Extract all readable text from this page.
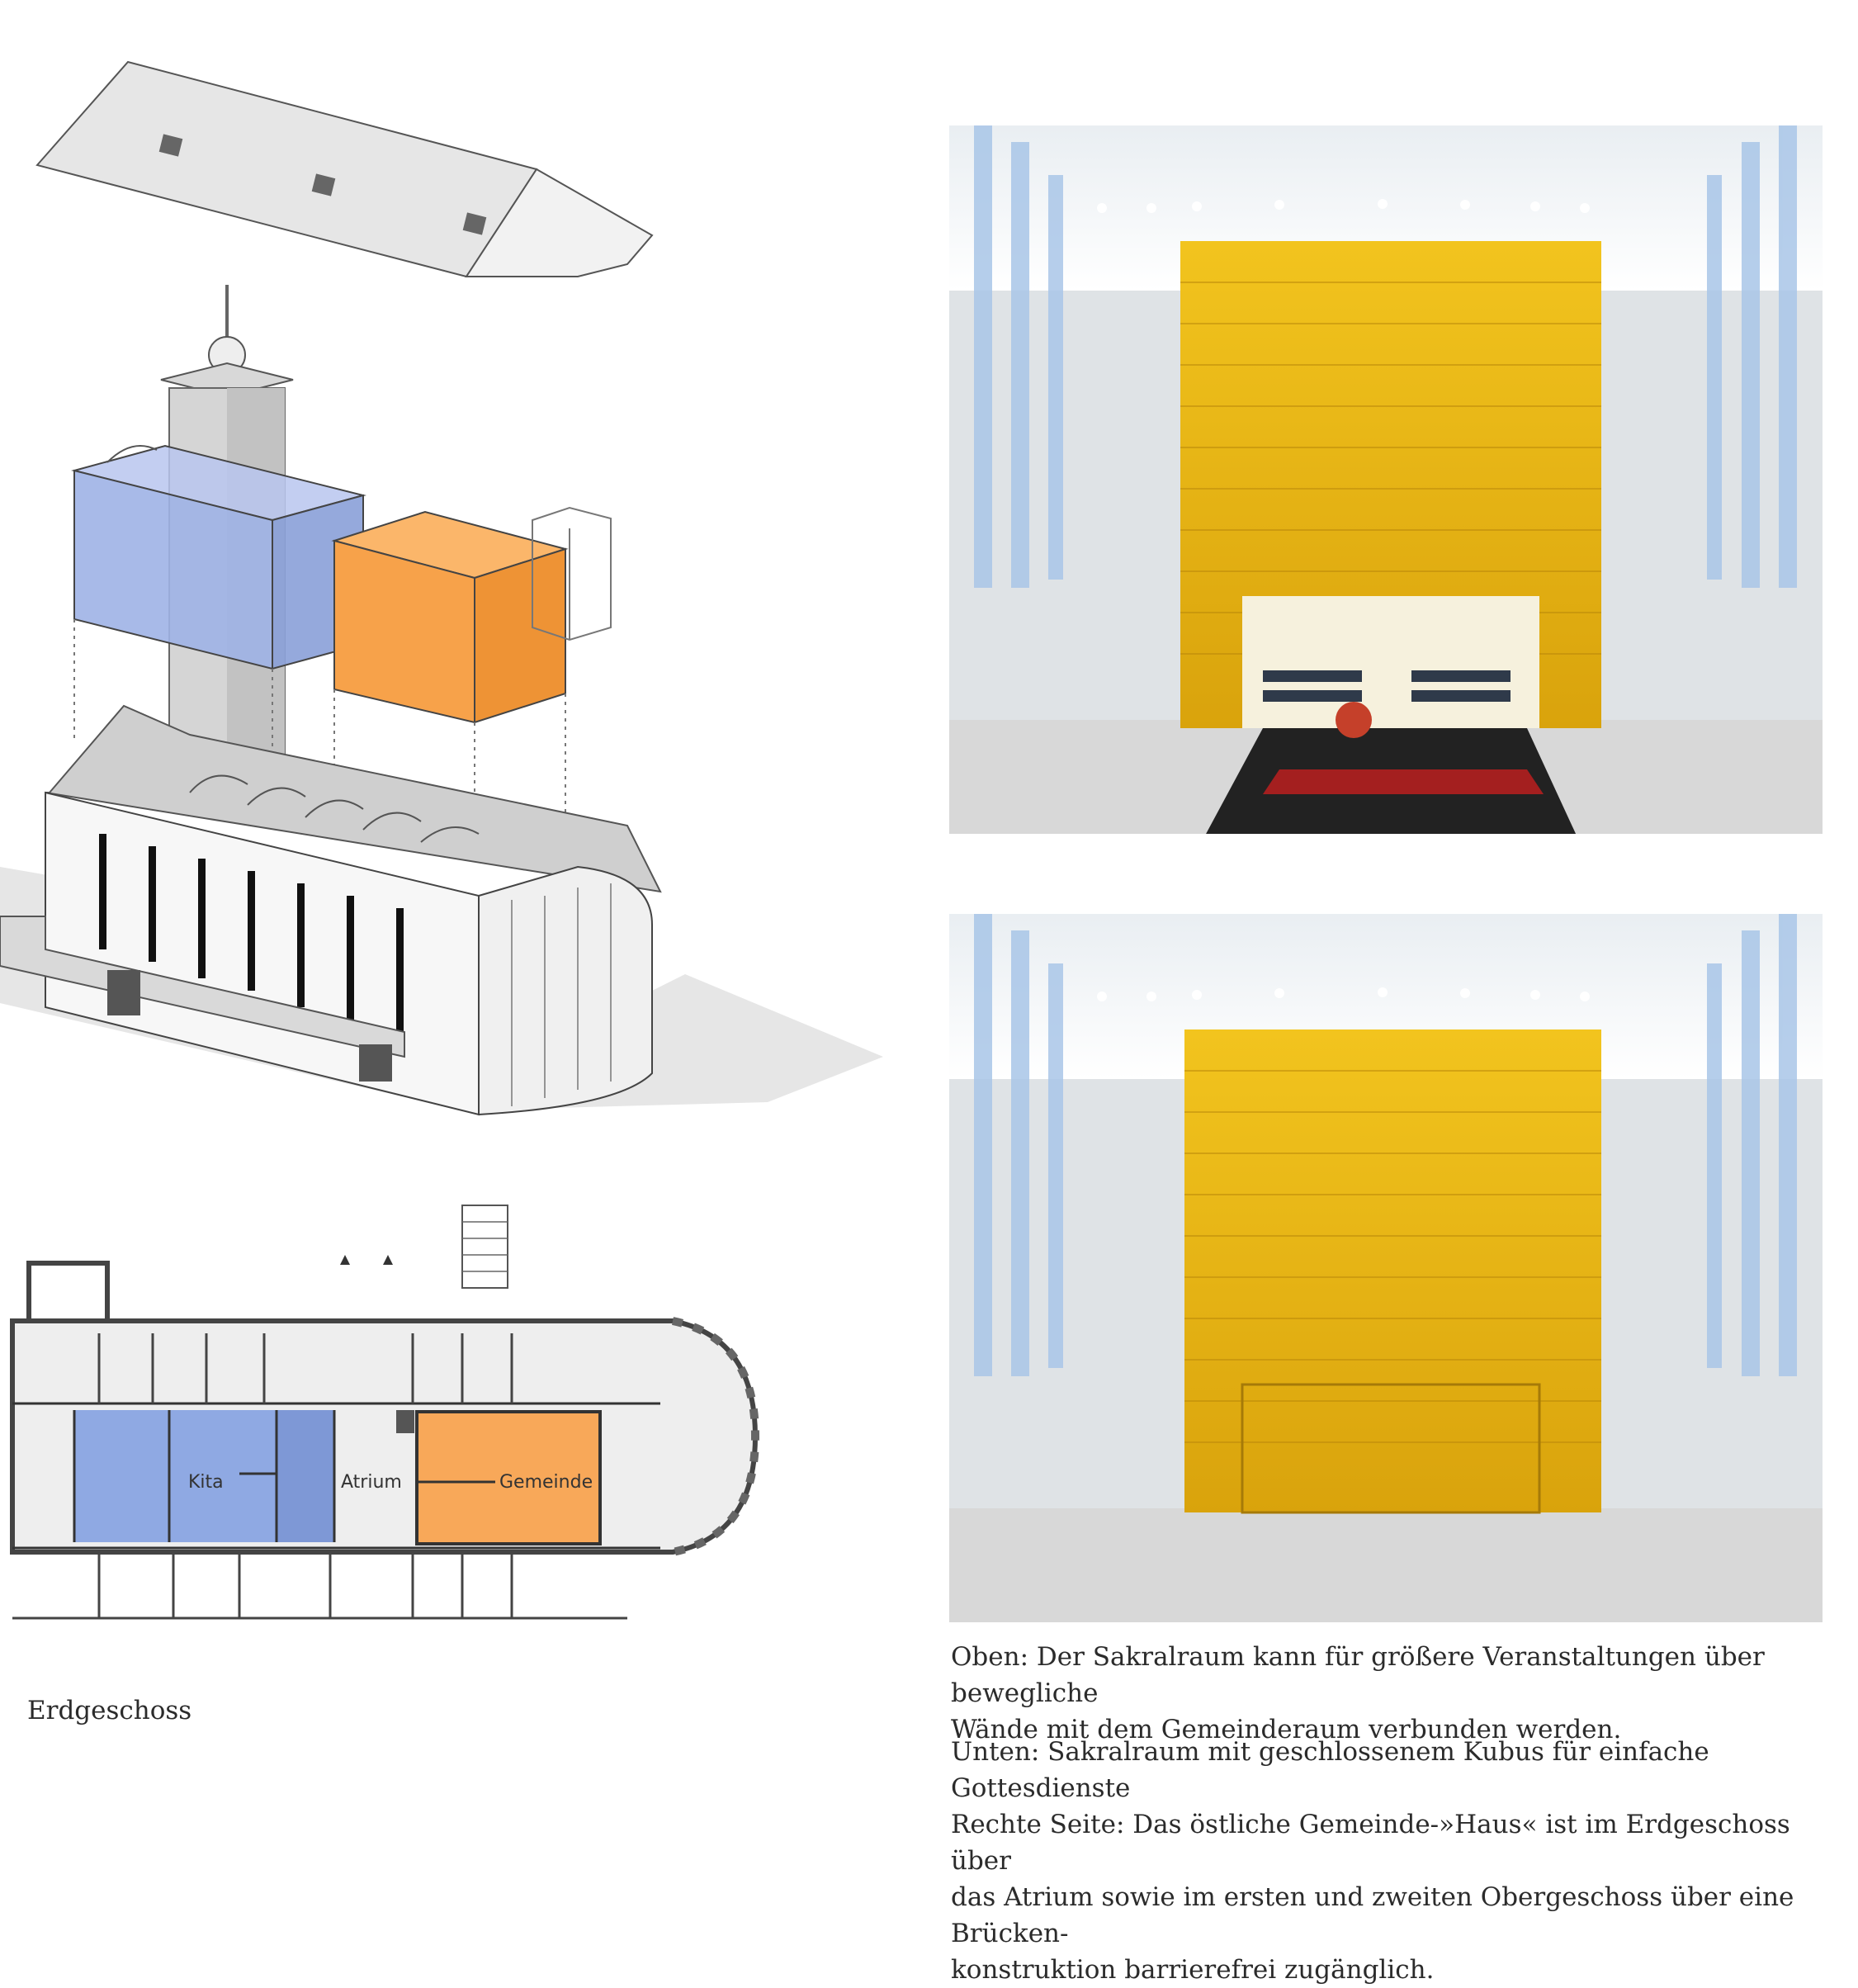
Kita	Atrium	Gemeinde
Erdgeschoss
Oben: Der Sakralraum kann für größere Veranstaltungen über bewegliche
Wände mit dem Gemeinderaum verbunden werden.
Unten: Sakralraum mit geschlossenem Kubus für einfache Gottesdienste
Rechte Seite: Das östliche Gemeinde-»Haus« ist im Erdgeschoss über
das Atrium sowie im ersten und zweiten Obergeschoss über eine Brücken-
konstruktion barrierefrei zugänglich.
